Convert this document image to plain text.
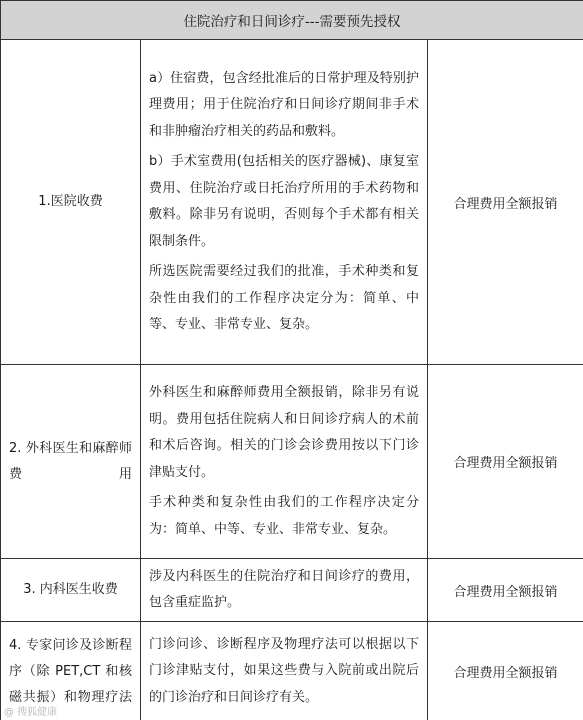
住院治疗和日间诊疗---需要预先授权		
1.医院收费	a）住宿费，包含经批准后的日常护理及特别护理费用；用于住院治疗和日间诊疗期间非手术和非肿瘤治疗相关的药品和敷料。

b）手术室费用(包括相关的医疗器械)、康复室费用、住院治疗或日托治疗所用的手术药物和敷料。除非另有说明，否则每个手术都有相关限制条件。

所选医院需要经过我们的批准，手术种类和复杂性由我们的工作程序决定分为：简单、中等、专业、非常专业、复杂。	合理费用全额报销
2. 外科医生和麻醉师费用	外科医生和麻醉师费用全额报销，除非另有说明。费用包括住院病人和日间诊疗病人的术前和术后咨询。相关的门诊会诊费用按以下门诊津贴支付。

手术种类和复杂性由我们的工作程序决定分为：简单、中等、专业、非常专业、复杂。	合理费用全额报销
3. 内科医生收费	涉及内科医生的住院治疗和日间诊疗的费用，包含重症监护。	合理费用全额报销
4. 专家问诊及诊断程序（除 PET,CT 和核磁共振）和物理疗法	门诊问诊、诊断程序及物理疗法可以根据以下门诊津贴支付，如果这些费与入院前或出院后的门诊治疗和日间诊疗有关。	合理费用全额报销
@ 搜狐健康
